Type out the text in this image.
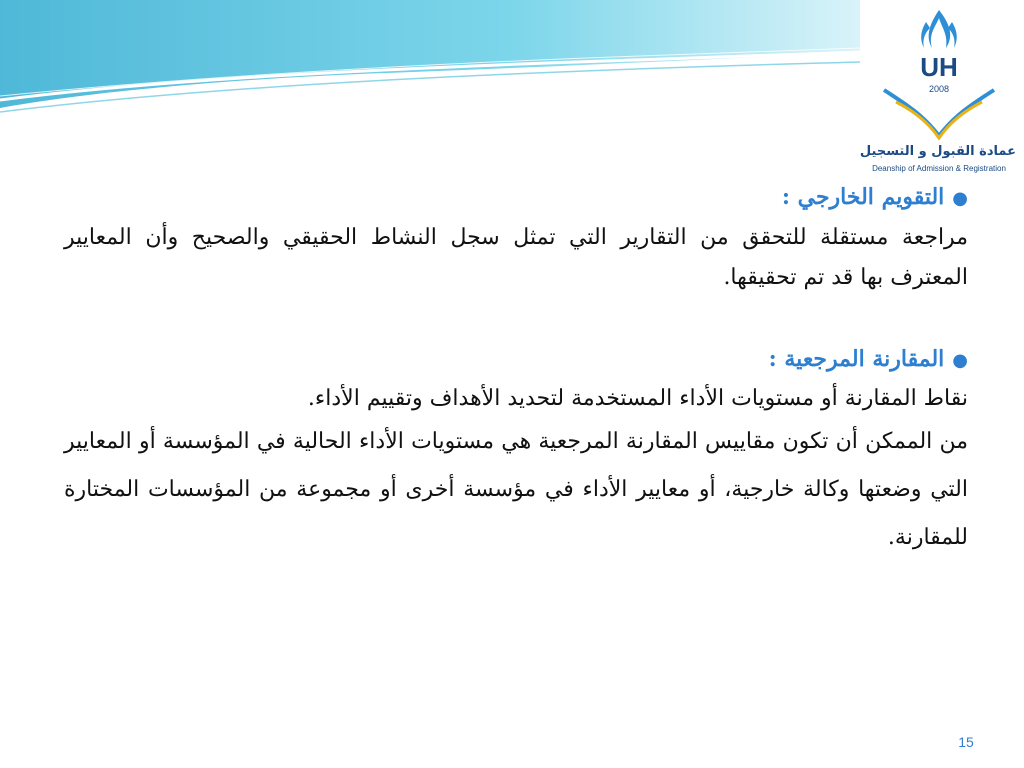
UH
2008
عمادة القبول و التسجيل
Deanship of Admission & Registration

●التقويم الخارجي :

مراجعة مستقلة للتحقق من التقارير التي تمثل سجل النشاط الحقيقي والصحيح وأن المعايير المعترف بها قد تم تحقيقها.

●المقارنة المرجعية :

نقاط المقارنة أو مستويات الأداء المستخدمة لتحديد الأهداف وتقييم الأداء.

من الممكن أن تكون مقاييس المقارنة المرجعية هي مستويات الأداء الحالية في المؤسسة أو المعايير التي وضعتها وكالة خارجية، أو معايير الأداء في مؤسسة أخرى أو مجموعة من المؤسسات المختارة للمقارنة.

15
